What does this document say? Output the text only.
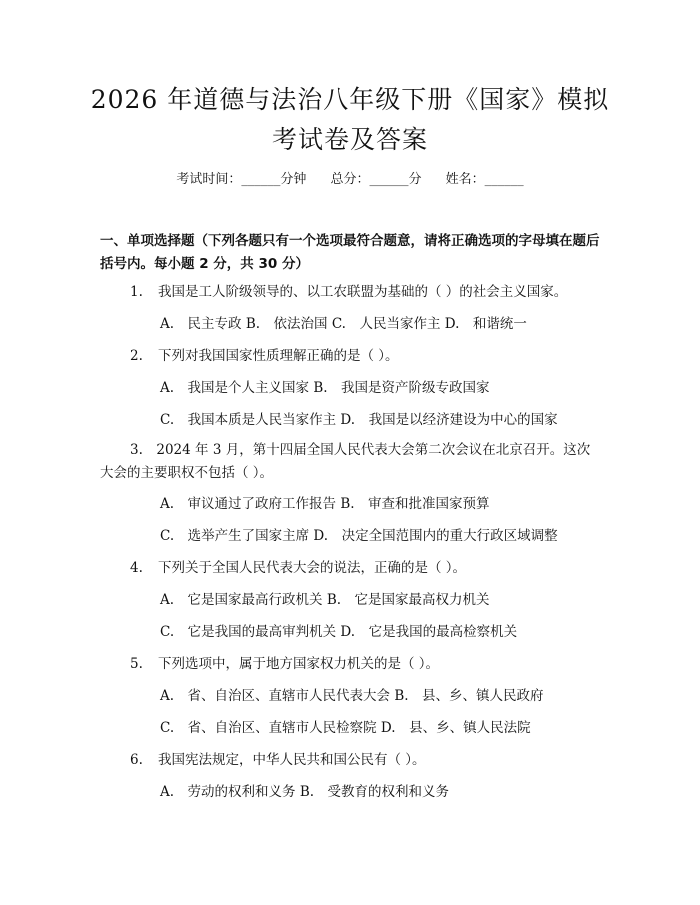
2026 年道德与法治八年级下册《国家》模拟
考试卷及答案
考试时间：______分钟 总分：______分 姓名：______
一、单项选择题（下列各题只有一个选项最符合题意，请将正确选项的字母填在题后括号内。每小题 2 分，共 30 分）
1. 我国是工人阶级领导的、以工农联盟为基础的（ ）的社会主义国家。
A.　民主专政 B.　依法治国 C.　人民当家作主 D.　和谐统一
2. 下列对我国国家性质理解正确的是（ ）。
A.　我国是个人主义国家 B.　我国是资产阶级专政国家
C.　我国本质是人民当家作主 D.　我国是以经济建设为中心的国家
3.　2024 年 3 月，第十四届全国人民代表大会第二次会议在北京召开。这次大会的主要职权不包括（ ）。
A.　审议通过了政府工作报告 B.　审查和批准国家预算
C.　选举产生了国家主席 D.　决定全国范围内的重大行政区域调整
4. 下列关于全国人民代表大会的说法，正确的是（ ）。
A.　它是国家最高行政机关 B.　它是国家最高权力机关
C.　它是我国的最高审判机关 D.　它是我国的最高检察机关
5. 下列选项中，属于地方国家权力机关的是（ ）。
A.　省、自治区、直辖市人民代表大会 B.　县、乡、镇人民政府
C.　省、自治区、直辖市人民检察院 D.　县、乡、镇人民法院
6. 我国宪法规定，中华人民共和国公民有（ ）。
A.　劳动的权利和义务 B.　受教育的权利和义务
